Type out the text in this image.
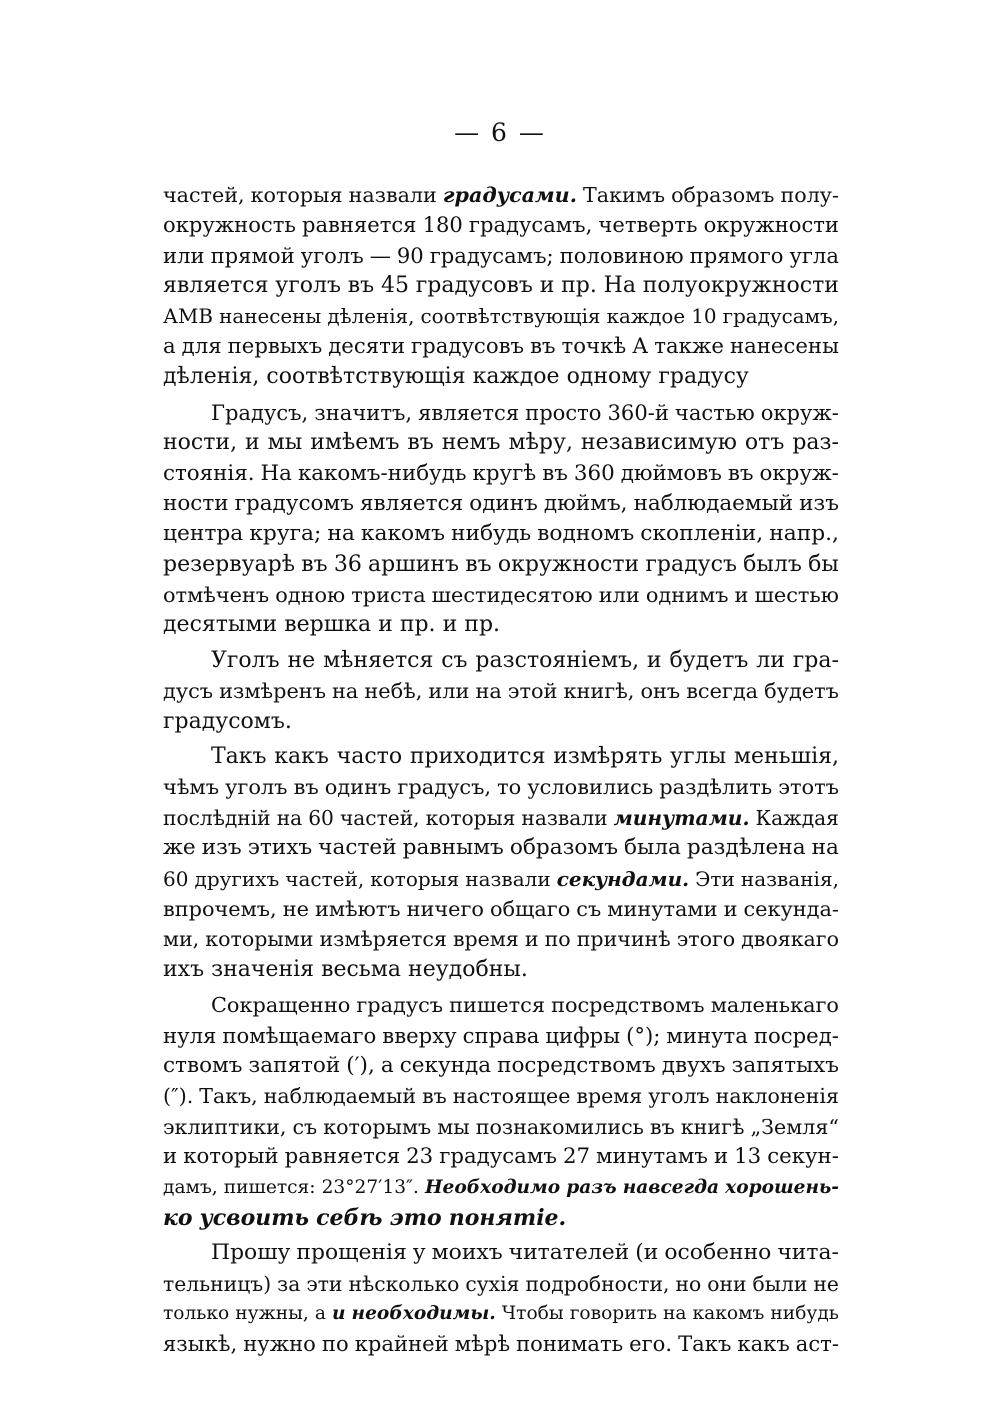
— 6 —
частей, которыя назвали градусами. Такимъ образомъ полу-
окружность равняется 180 градусамъ, четверть окружности
или прямой уголъ — 90 градусамъ; половиною прямого угла
является уголъ въ 45 градусовъ и пр. На полуокружности
АМВ нанесены дѣленія, соотвѣтствующія каждое 10 градусамъ,
а для первыхъ десяти градусовъ въ точкѣ А также нанесены
дѣленія, соотвѣтствующія каждое одному градусу
Градусъ, значитъ, является просто 360-й частью окруж-
ности, и мы имѣемъ въ немъ мѣру, независимую отъ раз-
стоянія. На какомъ-нибудь кругѣ въ 360 дюймовъ въ окруж-
ности градусомъ является одинъ дюймъ, наблюдаемый изъ
центра круга; на какомъ нибудь водномъ скопленіи, напр.,
резервуарѣ въ 36 аршинъ въ окружности градусъ былъ бы
отмѣченъ одною триста шестидесятою или однимъ и шестью
десятыми вершка и пр. и пр.
Уголъ не мѣняется съ разстояніемъ, и будетъ ли гра-
дусъ измѣренъ на небѣ, или на этой книгѣ, онъ всегда будетъ
градусомъ.
Такъ какъ часто приходится измѣрять углы меньшія,
чѣмъ уголъ въ одинъ градусъ, то условились раздѣлить этотъ
послѣдній на 60 частей, которыя назвали минутами. Каждая
же изъ этихъ частей равнымъ образомъ была раздѣлена на
60 другихъ частей, которыя назвали секундами. Эти названія,
впрочемъ, не имѣютъ ничего общаго съ минутами и секунда-
ми, которыми измѣряется время и по причинѣ этого двоякаго
ихъ значенія весьма неудобны.
Сокращенно градусъ пишется посредствомъ маленькаго
нуля помѣщаемаго вверху справа цифры (°); минута посред-
ствомъ запятой (′), а секунда посредствомъ двухъ запятыхъ
(″). Такъ, наблюдаемый въ настоящее время уголъ наклоненія
эклиптики, съ которымъ мы познакомились въ книгѣ „Земля“
и который равняется 23 градусамъ 27 минутамъ и 13 секун-
дамъ, пишется: 23°27′13″. Необходимо разъ навсегда хорошень-
ко усвоить себѣ это понятіе.
Прошу прощенія у моихъ читателей (и особенно чита-
тельницъ) за эти нѣсколько сухія подробности, но они были не
только нужны, а и необходимы. Чтобы говорить на какомъ нибудь
языкѣ, нужно по крайней мѣрѣ понимать его. Такъ какъ аст-
